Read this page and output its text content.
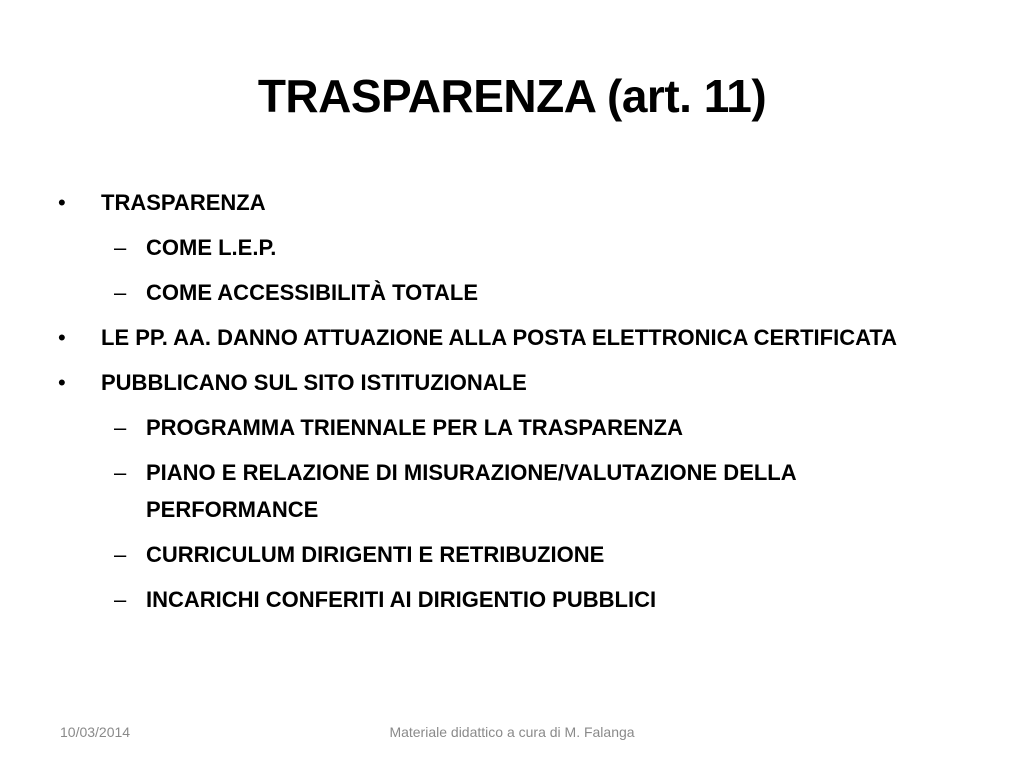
TRASPARENZA (art. 11)
• TRASPARENZA
– COME L.E.P.
– COME ACCESSIBILITÀ TOTALE
• LE PP. AA. DANNO ATTUAZIONE ALLA POSTA ELETTRONICA CERTIFICATA
• PUBBLICANO SUL SITO ISTITUZIONALE
– PROGRAMMA TRIENNALE PER LA TRASPARENZA
– PIANO E RELAZIONE DI MISURAZIONE/VALUTAZIONE DELLA PERFORMANCE
– CURRICULUM DIRIGENTI E RETRIBUZIONE
– INCARICHI CONFERITI AI DIRIGENTIO PUBBLICI
10/03/2014	Materiale didattico a cura di M. Falanga
